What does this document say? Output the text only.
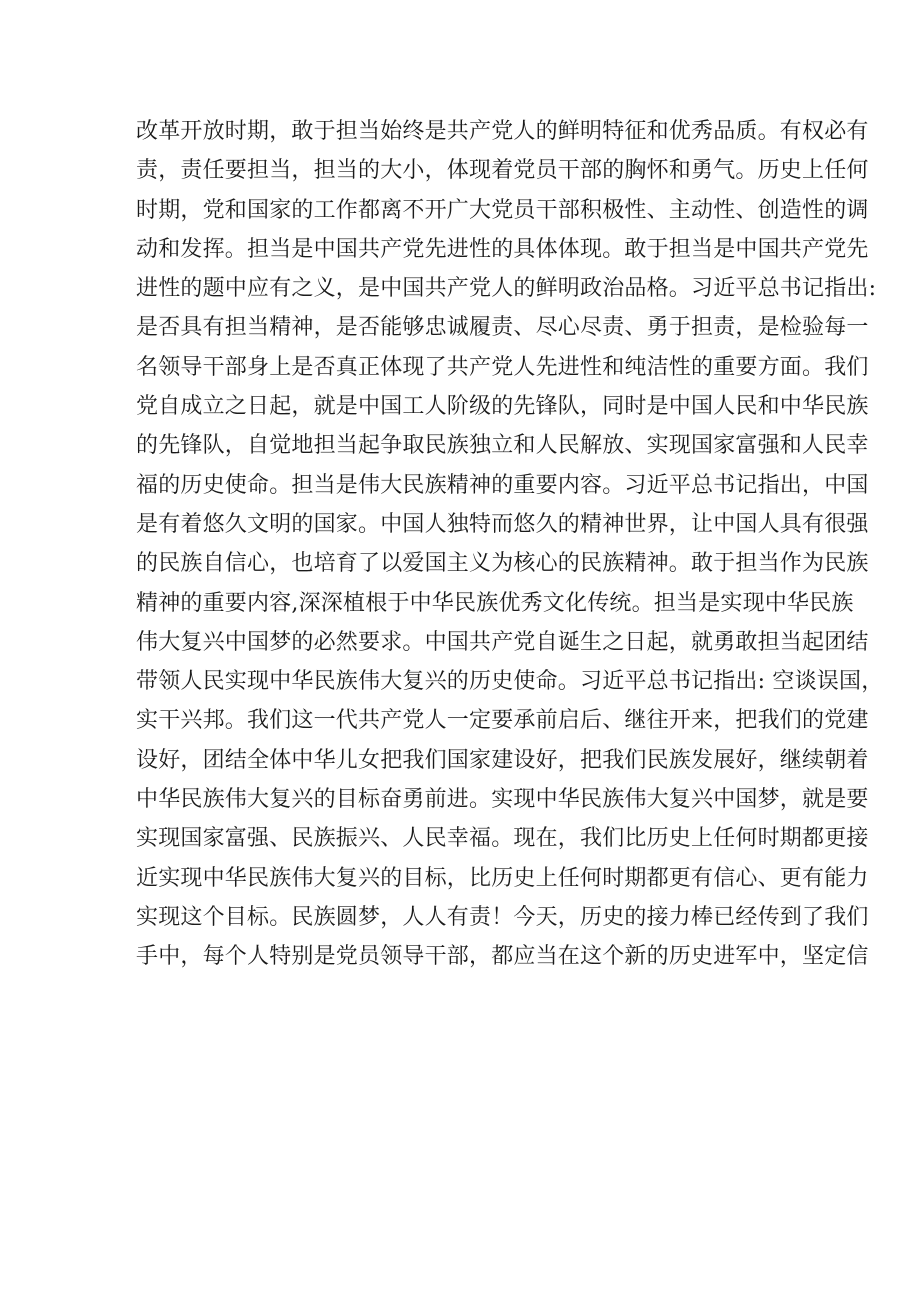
改革开放时期，敢于担当始终是共产党人的鲜明特征和优秀品质。有权必有
责，责任要担当，担当的大小，体现着党员干部的胸怀和勇气。历史上任何
时期，党和国家的工作都离不开广大党员干部积极性、主动性、创造性的调
动和发挥。担当是中国共产党先进性的具体体现。敢于担当是中国共产党先
进性的题中应有之义，是中国共产党人的鲜明政治品格。习近平总书记指出:
是否具有担当精神，是否能够忠诚履责、尽心尽责、勇于担责，是检验每一
名领导干部身上是否真正体现了共产党人先进性和纯洁性的重要方面。我们
党自成立之日起，就是中国工人阶级的先锋队，同时是中国人民和中华民族
的先锋队，自觉地担当起争取民族独立和人民解放、实现国家富强和人民幸
福的历史使命。担当是伟大民族精神的重要内容。习近平总书记指出，中国
是有着悠久文明的国家。中国人独特而悠久的精神世界，让中国人具有很强
的民族自信心，也培育了以爱国主义为核心的民族精神。敢于担当作为民族
精神的重要内容,深深植根于中华民族优秀文化传统。担当是实现中华民族
伟大复兴中国梦的必然要求。中国共产党自诞生之日起，就勇敢担当起团结
带领人民实现中华民族伟大复兴的历史使命。习近平总书记指出: 空谈误国，
实干兴邦。我们这一代共产党人一定要承前启后、继往开来，把我们的党建
设好，团结全体中华儿女把我们国家建设好，把我们民族发展好，继续朝着
中华民族伟大复兴的目标奋勇前进。实现中华民族伟大复兴中国梦，就是要
实现国家富强、民族振兴、人民幸福。现在，我们比历史上任何时期都更接
近实现中华民族伟大复兴的目标，比历史上任何时期都更有信心、更有能力
实现这个目标。民族圆梦，人人有责！今天，历史的接力棒已经传到了我们
手中，每个人特别是党员领导干部，都应当在这个新的历史进军中，坚定信
